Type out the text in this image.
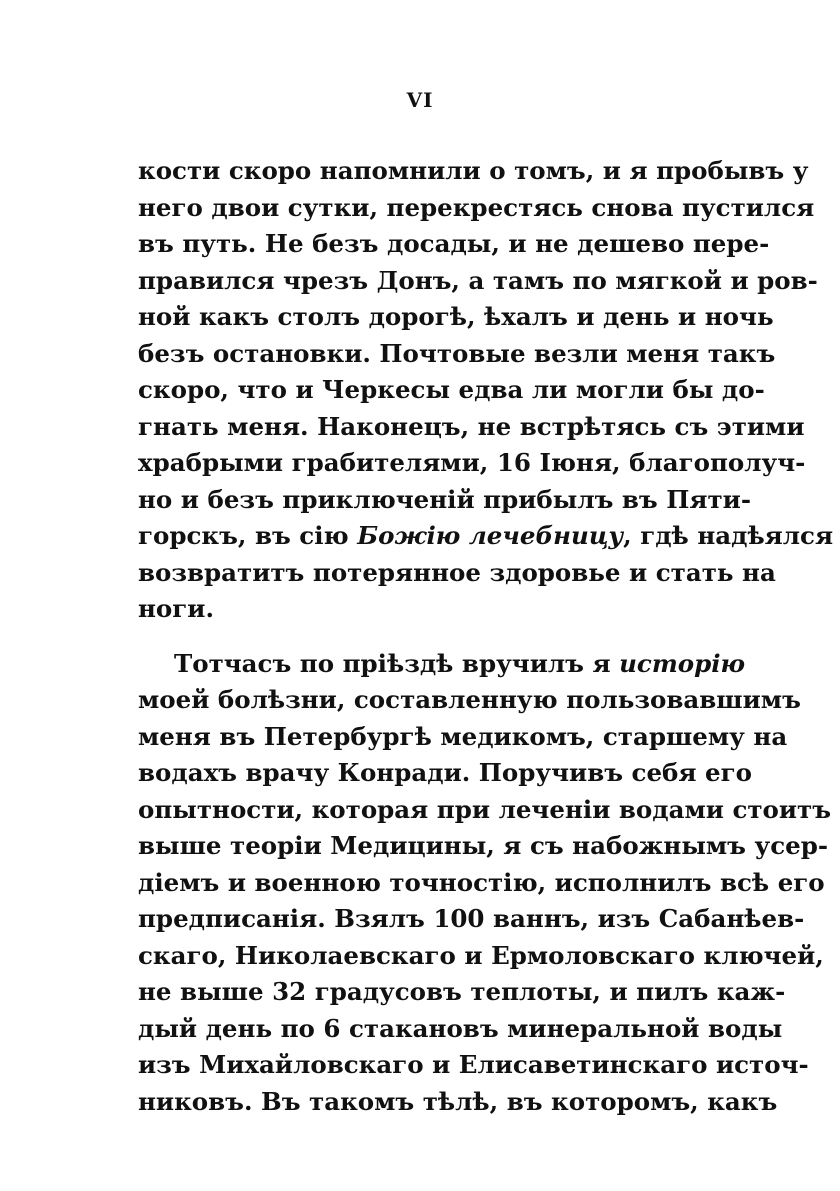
VI
кости скоро напомнили о томъ, и я пробывъ у
него двои сутки, перекрестясь снова пустился
въ путь. Не безъ досады, и не дешево пере-
правился чрезъ Донъ, а тамъ по мягкой и ров-
ной какъ столъ дорогѣ, ѣхалъ и день и ночь
безъ остановки. Почтовые везли меня такъ
скоро, что и Черкесы едва ли могли бы до-
гнать меня. Наконецъ, не встрѣтясь съ этими
храбрыми грабителями, 16 Іюня, благополуч-
но и безъ приключеній прибылъ въ Пяти-
горскъ, въ сію Божію лечебницу, гдѣ надѣялся
возвратитъ потерянное здоровье и стать на
ноги.
Тотчасъ по пріѣздѣ вручилъ я исторію
моей болѣзни, составленную пользовавшимъ
меня въ Петербургѣ медикомъ, старшему на
водахъ врачу Конради. Поручивъ себя его
опытности, которая при леченіи водами стоитъ
выше теоріи Медицины, я съ набожнымъ усер-
діемъ и военною точностію, исполнилъ всѣ его
предписанія. Взялъ 100 ваннъ, изъ Сабанѣев-
скаго, Николаевскаго и Ермоловскаго ключей,
не выше 32 градусовъ теплоты, и пилъ каж-
дый день по 6 стакановъ минеральной воды
изъ Михайловскаго и Елисаветинскаго источ-
никовъ. Въ такомъ тѣлѣ, въ которомъ, какъ
